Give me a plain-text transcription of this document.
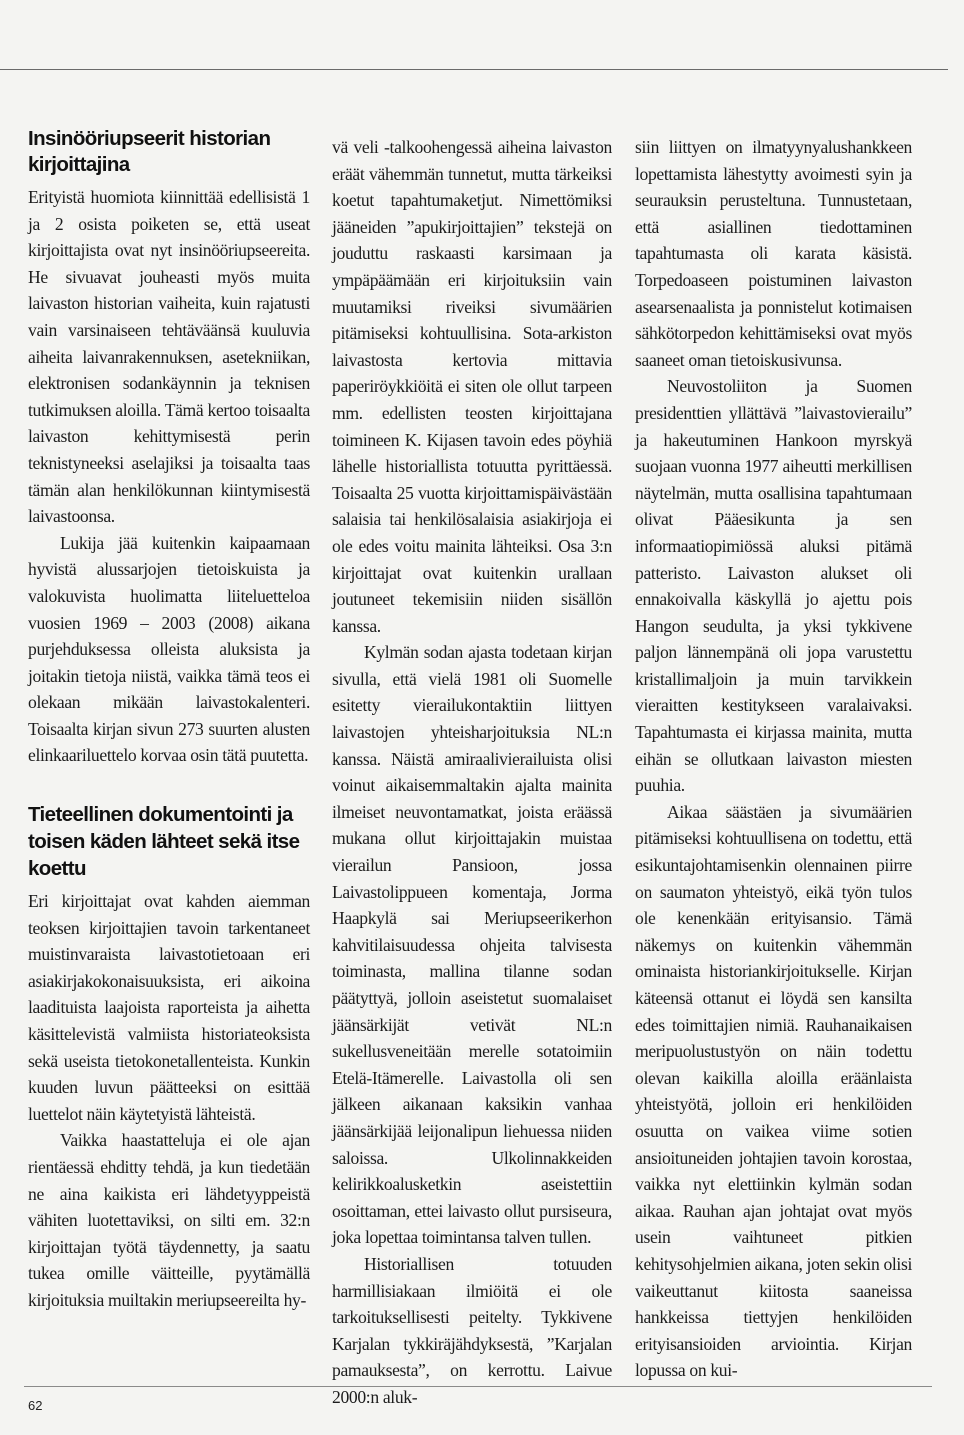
Insinööriupseerit historian kirjoittajina

Erityistä huomiota kiinnittää edellisistä 1 ja 2 osista poiketen se, että useat kirjoittajista ovat nyt insinööriupseereita. He sivuavat jouheasti myös muita laivaston historian vaiheita, kuin rajatusti vain varsinaiseen tehtäväänsä kuuluvia aiheita laivanrakennuksen, asetekniikan, elektronisen sodankäynnin ja teknisen tutkimuksen aloilla. Tämä kertoo toisaalta laivaston kehittymisestä perin teknistyneeksi aselajiksi ja toisaalta taas tämän alan henkilökunnan kiintymisestä laivastoonsa.

Lukija jää kuitenkin kaipaamaan hyvistä alussarjojen tietoiskuista ja valokuvista huolimatta liiteluetteloa vuosien 1969 – 2003 (2008) aikana purjehduksessa olleista aluksista ja joitakin tietoja niistä, vaikka tämä teos ei olekaan mikään laivastokalenteri. Toisaalta kirjan sivun 273 suurten alusten elinkaariluettelo korvaa osin tätä puutetta.

Tieteellinen dokumentointi ja toisen käden lähteet sekä itse koettu

Eri kirjoittajat ovat kahden aiemman teoksen kirjoittajien tavoin tarkentaneet muistinvaraista laivastotietoaan eri asiakirjakokonaisuuksista, eri aikoina laadituista laajoista raporteista ja aihetta käsittelevistä valmiista historiateoksista sekä useista tietokonetallenteista. Kunkin kuuden luvun päätteeksi on esittää luettelot näin käytetyistä lähteistä.

Vaikka haastatteluja ei ole ajan rientäessä ehditty tehdä, ja kun tiedetään ne aina kaikista eri lähdetyyppeistä vähiten luotettaviksi, on silti em. 32:n kirjoittajan työtä täydennetty, ja saatu tukea omille väitteille, pyytämällä kirjoituksia muiltakin meriupseereilta hy-

vä veli -talkoohengessä aiheina laivaston eräät vähemmän tunnetut, mutta tärkeiksi koetut tapahtumaketjut. Nimettömiksi jääneiden ”apukirjoittajien” tekstejä on jouduttu raskaasti karsimaan ja ympäpäämään eri kirjoituksiin vain muutamiksi riveiksi sivumäärien pitämiseksi kohtuullisina. Sota-arkiston laivastosta kertovia mittavia paperiröykkiöitä ei siten ole ollut tarpeen mm. edellisten teosten kirjoittajana toimineen K. Kijasen tavoin edes pöyhiä lähelle historiallista totuutta pyrittäessä. Toisaalta 25 vuotta kirjoittamispäivästään salaisia tai henkilösalaisia asiakirjoja ei ole edes voitu mainita lähteiksi. Osa 3:n kirjoittajat ovat kuitenkin urallaan joutuneet tekemisiin niiden sisällön kanssa.

Kylmän sodan ajasta todetaan kirjan sivulla, että vielä 1981 oli Suomelle esitetty vierailukontaktiin liittyen laivastojen yhteisharjoituksia NL:n kanssa. Näistä amiraalivierailuista olisi voinut aikaisemmaltakin ajalta mainita ilmeiset neuvontamatkat, joista eräässä mukana ollut kirjoittajakin muistaa vierailun Pansioon, jossa Laivastolippueen komentaja, Jorma Haapkylä sai Meriupseerikerhon kahvitilaisuudessa ohjeita talvisesta toiminasta, mallina tilanne sodan päätyttyä, jolloin aseistetut suomalaiset jäänsärkijät vetivät NL:n sukellusveneitään merelle sotatoimiin Etelä-Itämerelle. Laivastolla oli sen jälkeen aikanaan kaksikin vanhaa jäänsärkijää leijonalipun liehuessa niiden saloissa. Ulkolinnakkeiden kelirikkoalusketkin aseistettiin osoittaman, ettei laivasto ollut pursiseura, joka lopettaa toimintansa talven tullen.

Historiallisen totuuden harmillisiakaan ilmiöitä ei ole tarkoituksellisesti peitelty. Tykkivene Karjalan tykkiräjähdyksestä, ”Karjalan pamauksesta”, on kerrottu. Laivue 2000:n aluk-

siin liittyen on ilmatyynyalushankkeen lopettamista lähestytty avoimesti syin ja seurauksin perusteltuna. Tunnustetaan, että asiallinen tiedottaminen tapahtumasta oli karata käsistä. Torpedoaseen poistuminen laivaston asearsenaalista ja ponnistelut kotimaisen sähkötorpedon kehittämiseksi ovat myös saaneet oman tietoiskusivunsa.

Neuvostoliiton ja Suomen presidenttien yllättävä ”laivastovierailu” ja hakeutuminen Hankoon myrskyä suojaan vuonna 1977 aiheutti merkillisen näytelmän, mutta osallisina tapahtumaan olivat Pääesikunta ja sen informaatiopimiössä aluksi pitämä patteristo. Laivaston alukset oli ennakoivalla käskyllä jo ajettu pois Hangon seudulta, ja yksi tykkivene paljon lännempänä oli jopa varustettu kristallimaljoin ja muin tarvikkein vieraitten kestitykseen varalaivaksi. Tapahtumasta ei kirjassa mainita, mutta eihän se ollutkaan laivaston miesten puuhia.

Aikaa säästäen ja sivumäärien pitämiseksi kohtuullisena on todettu, että esikuntajohtamisenkin olennainen piirre on saumaton yhteistyö, eikä työn tulos ole kenenkään erityisansio. Tämä näkemys on kuitenkin vähemmän ominaista historiankirjoitukselle. Kirjan käteensä ottanut ei löydä sen kansilta edes toimittajien nimiä. Rauhanaikaisen meripuolustustyön on näin todettu olevan kaikilla aloilla eräänlaista yhteistyötä, jolloin eri henkilöiden osuutta on vaikea viime sotien ansioituneiden johtajien tavoin korostaa, vaikka nyt elettiinkin kylmän sodan aikaa. Rauhan ajan johtajat ovat myös usein vaihtuneet pitkien kehitysohjelmien aikana, joten sekin olisi vaikeuttanut kiitosta saaneissa hankkeissa tiettyjen henkilöiden erityisansioiden arviointia. Kirjan lopussa on kui-

62
